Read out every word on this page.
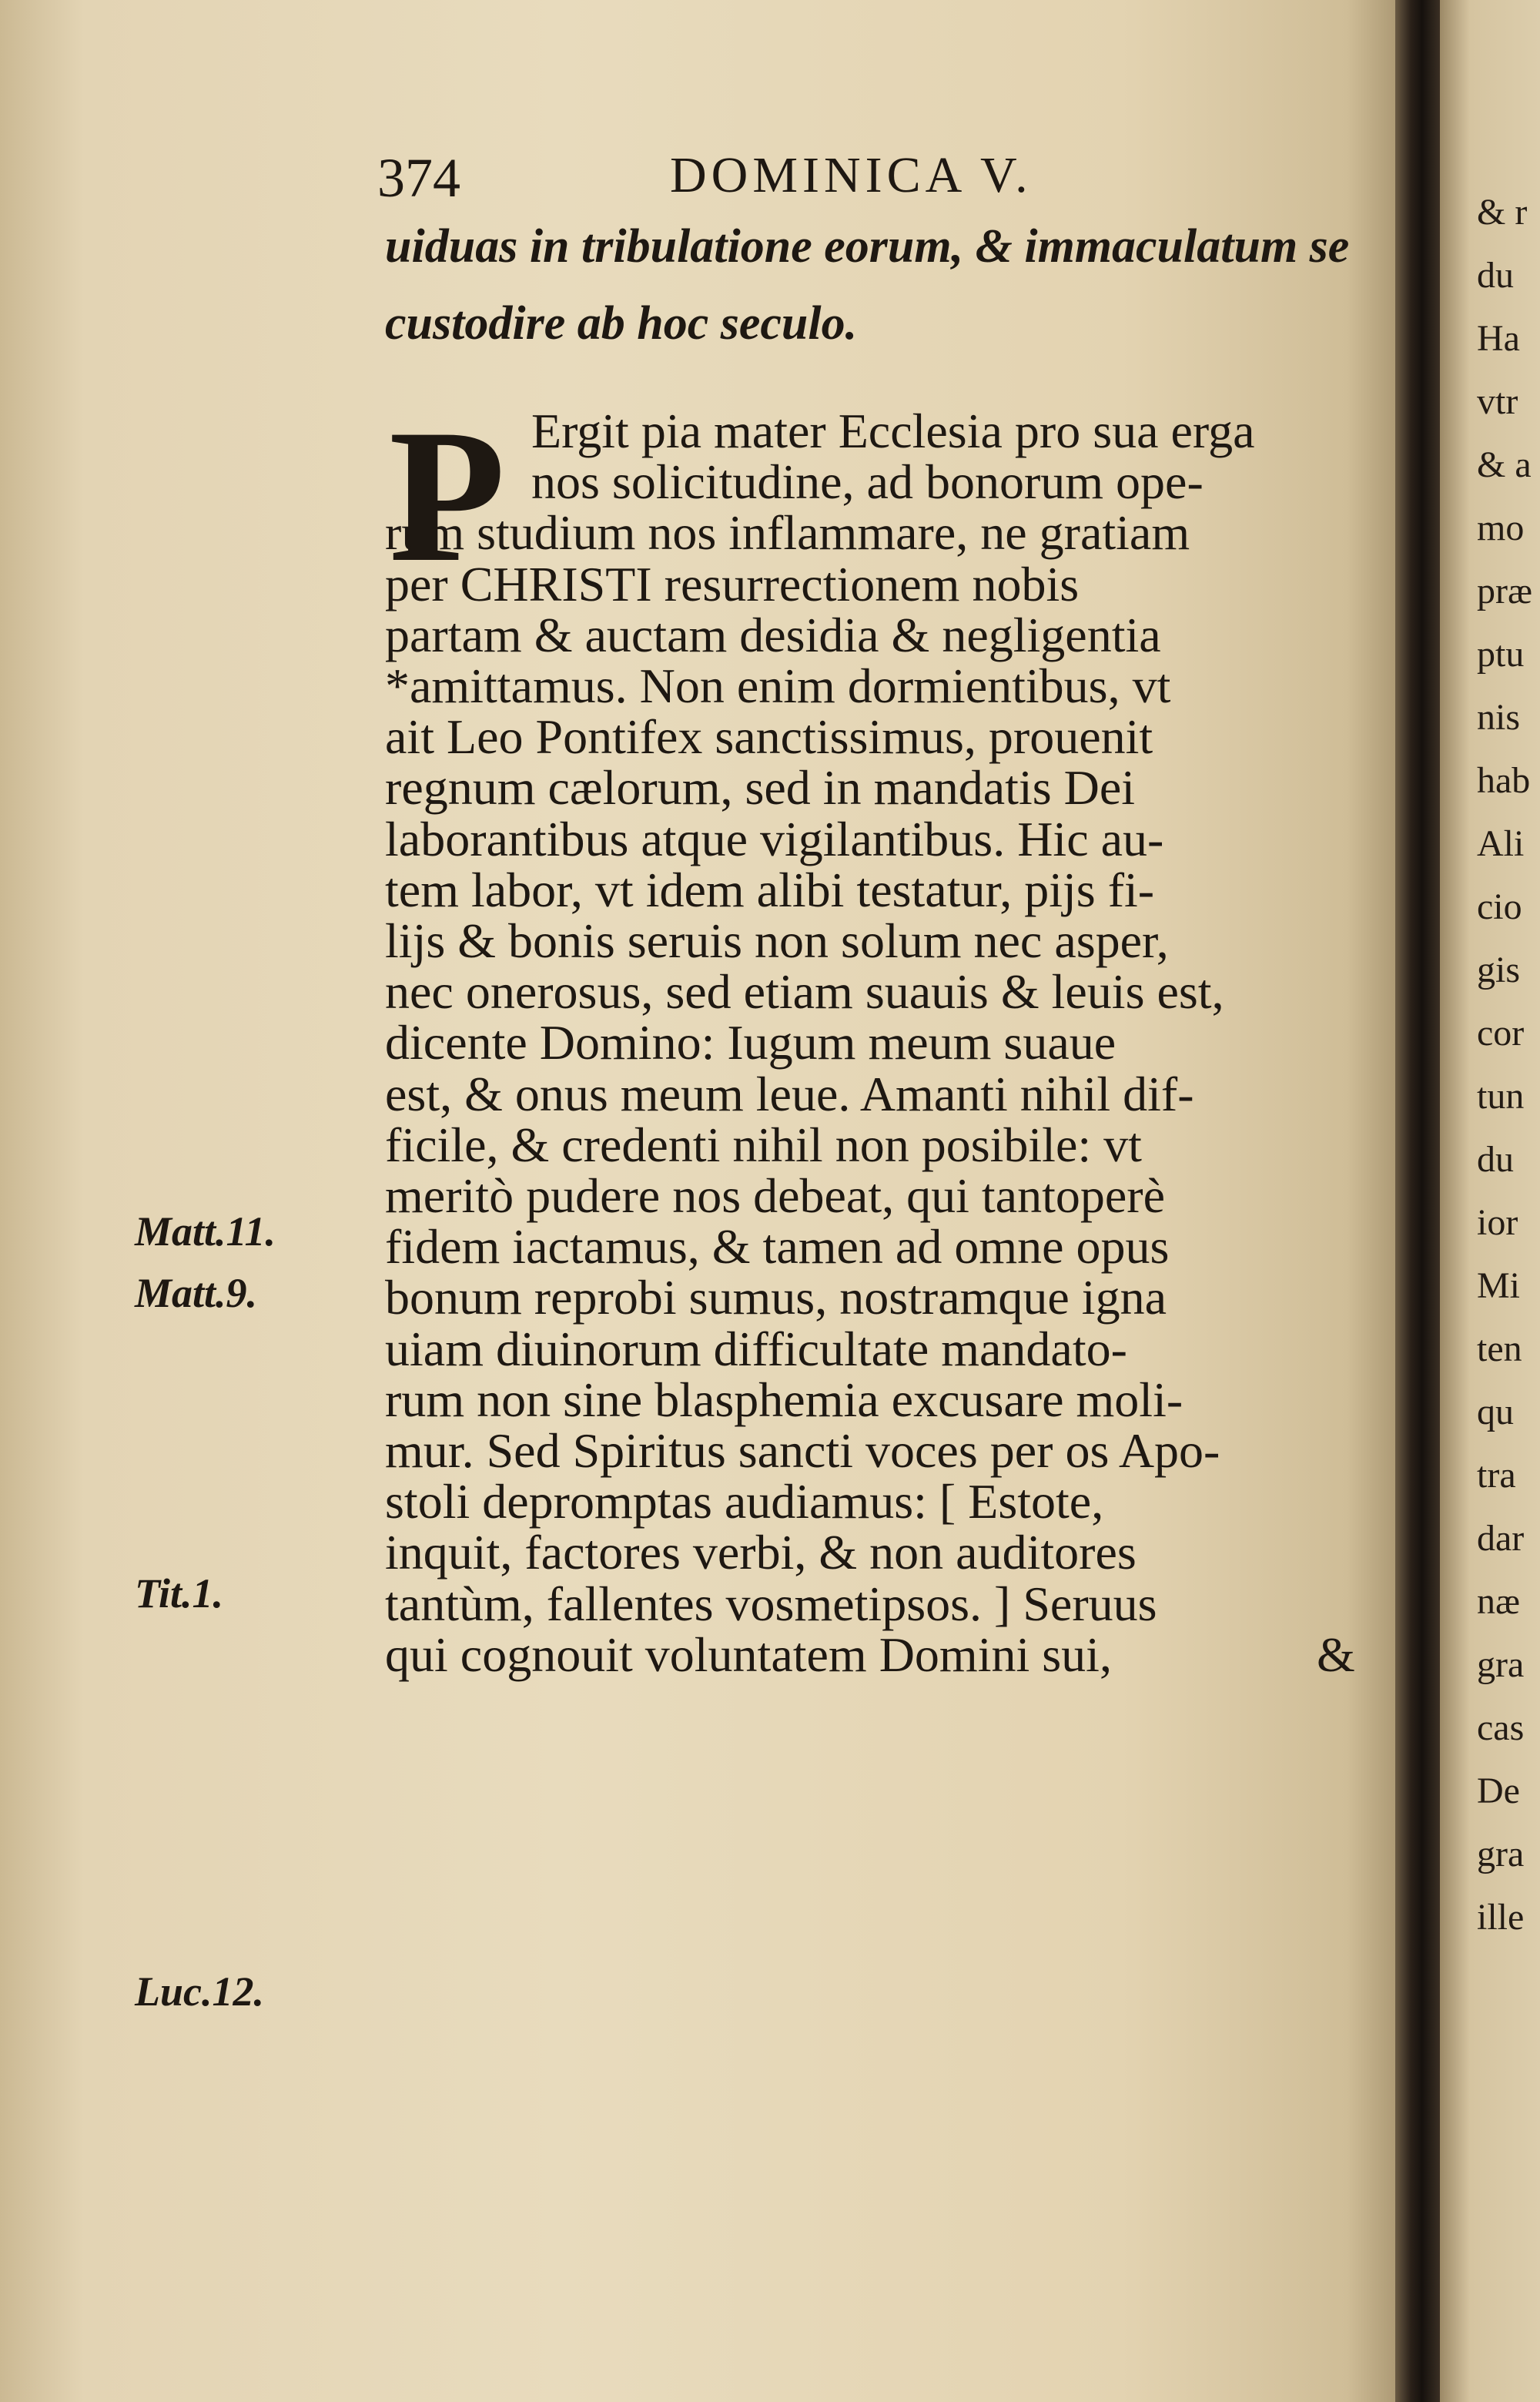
374	DOMINICA V.
uiduas in tribulatione eorum, & immaculatum se
custodire ab hoc seculo.
P Ergit pia mater Ecclesia pro sua erga
nos solicitudine, ad bonorum ope-
rum studium nos inflammare, ne gratiam
per CHRISTI resurrectionem nobis
partam & auctam desidia & negligentia
*amittamus. Non enim dormientibus, vt
ait Leo Pontifex sanctissimus, prouenit
regnum cælorum, sed in mandatis Dei
laborantibus atque vigilantibus. Hic au-
tem labor, vt idem alibi testatur, pijs fi-
lijs & bonis seruis non solum nec asper,
nec onerosus, sed etiam suauis & leuis est,
dicente Domino: Iugum meum suaue
est, & onus meum leue. Amanti nihil dif-
ficile, & credenti nihil non posibile: vt
meritò pudere nos debeat, qui tantoperè
fidem iactamus, & tamen ad omne opus
bonum reprobi sumus, nostramque igna
uiam diuinorum difficultate mandato-
rum non sine blasphemia excusare moli-
mur. Sed Spiritus sancti voces per os Apo-
stoli depromptas audiamus: [ Estote,
inquit, factores verbi, & non auditores
tantùm, fallentes vosmetipsos. ] Seruus
qui cognouit voluntatem Domini sui,	&
Matt.11.
Matt.9.
Tit.1.
Luc.12.
& r
du
Ha
vtr
& a
mo
præ
ptu
nis
hab
Ali
cio
gis
cor
tun
du
ior
Mi
ten
qu
tra
dar
næ
gra
cas
De
gra
ille
